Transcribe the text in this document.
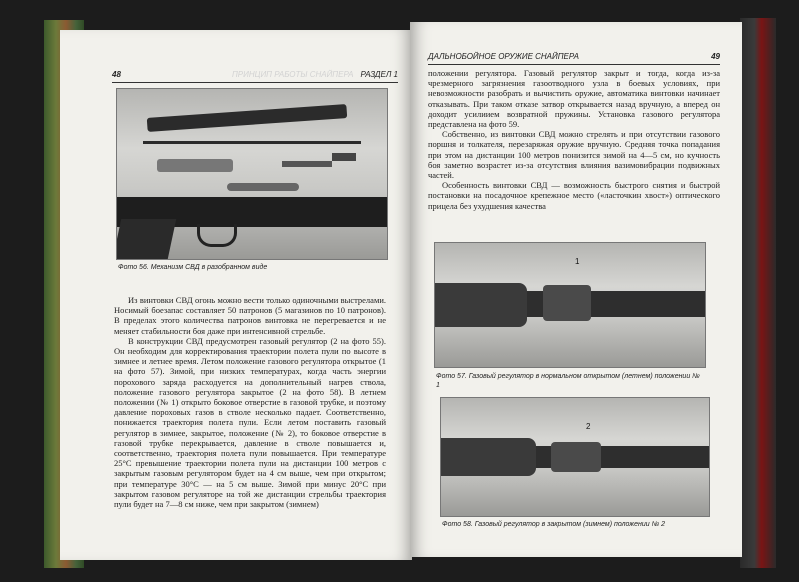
48	ПРИНЦИП РАБОТЫ СНАЙПЕРА РАЗДЕЛ 1
Фото 56. Механизм СВД в разобранном виде

Из винтовки СВД огонь можно вести только одиночными выстрелами. Носимый боезапас составляет 50 патронов (5 магазинов по 10 патронов). В пределах этого количества патронов винтовка не перегревается и не меняет стабильности боя даже при интенсивной стрельбе.

В конструкции СВД предусмотрен газовый регулятор (2 на фото 55). Он необходим для корректирования траектории полета пули по высоте в зимнее и летнее время. Летом положение газового регулятора открытое (1 на фото 57). Зимой, при низких температурах, когда часть энергии порохового заряда расходуется на дополнительный нагрев ствола, положение газового регулятора закрытое (2 на фото 58). В летнем положении (№ 1) открыто боковое отверстие в газовой трубке, и поэтому давление пороховых газов в стволе несколько падает. Соответственно, понижается траектория полета пули. Если летом поставить газовый регулятор в зимнее, закрытое, положение (№ 2), то боковое отверстие в газовой трубке перекрывается, давление в стволе повышается и, соответственно, траектория полета пули повышается. При температуре 25°С превышение траектории полета пули на дистанции 100 метров с закрытым газовым регулятором будет на 4 см выше, чем при открытом; при температуре 30°С — на 5 см выше. Зимой при минус 20°С при закрытом газовом регуляторе на той же дистанции стрельбы траектория пули будет на 7—8 см ниже, чем при закрытом (зимнем)

ДАЛЬНОБОЙНОЕ ОРУЖИЕ СНАЙПЕРА	49

положении регулятора. Газовый регулятор закрыт и тогда, когда из-за чрезмерного загрязнения газоотводного узла в боевых условиях, при невозможности разобрать и вычистить оружие, автоматика винтовки начинает отказывать. При таком отказе затвор открывается назад вручную, а вперед он доходит усилиием возвратной пружины. Установка газового регулятора представлена на фото 59.

Собственно, из винтовки СВД можно стрелять и при отсутствии газового поршня и толкателя, перезаряжая оружие вручную. Средняя точка попадания при этом на дистанции 100 метров понизится зимой на 4—5 см, но кучность боя заметно возрастет из-за отсутствия влияния вазимовибрации подвижных частей.

Особенность винтовки СВД — возможность быстрого снятия и быстрой постановки на посадочное крепежное место («ласточкин хвост») оптического прицела без ухудшения качества

1
Фото 57. Газовый регулятор в нормальном открытом (летнем) положении № 1
2
Фото 58. Газовый регулятор в закрытом (зимнем) положении № 2
